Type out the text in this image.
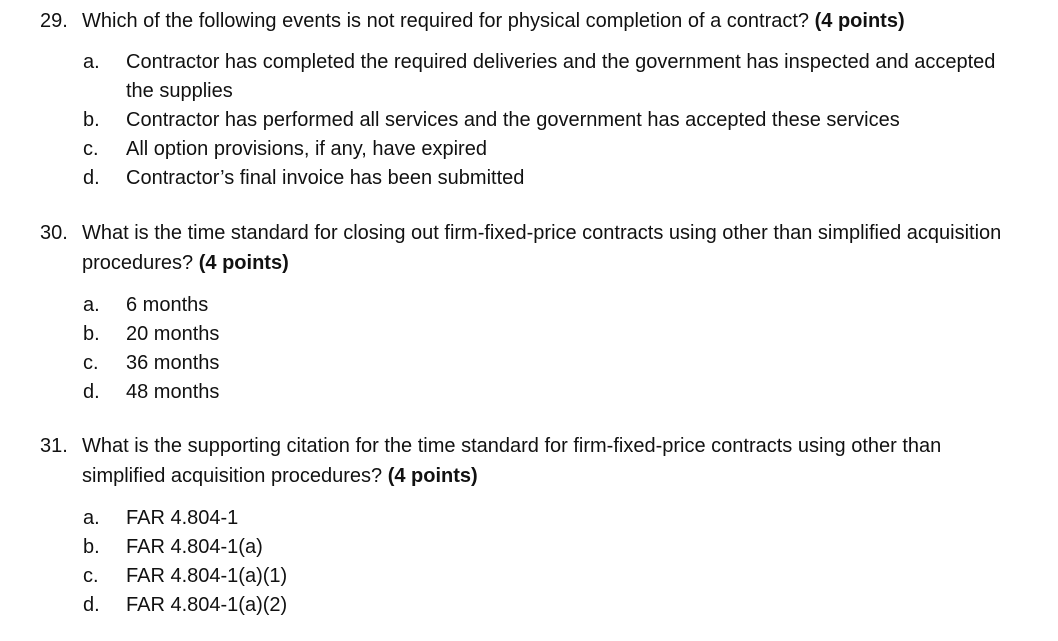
29. Which of the following events is not required for physical completion of a contract? (4 points)
a.	Contractor has completed the required deliveries and the government has inspected and accepted the supplies
b.	Contractor has performed all services and the government has accepted these services
c.	All option provisions, if any, have expired
d.	Contractor’s final invoice has been submitted
30. What is the time standard for closing out firm-fixed-price contracts using other than simplified acquisition procedures? (4 points)
a.	6 months
b.	20 months
c.	36 months
d.	48 months
31. What is the supporting citation for the time standard for firm-fixed-price contracts using other than simplified acquisition procedures? (4 points)
a.	FAR 4.804-1
b.	FAR 4.804-1(a)
c.	FAR 4.804-1(a)(1)
d.	FAR 4.804-1(a)(2)
